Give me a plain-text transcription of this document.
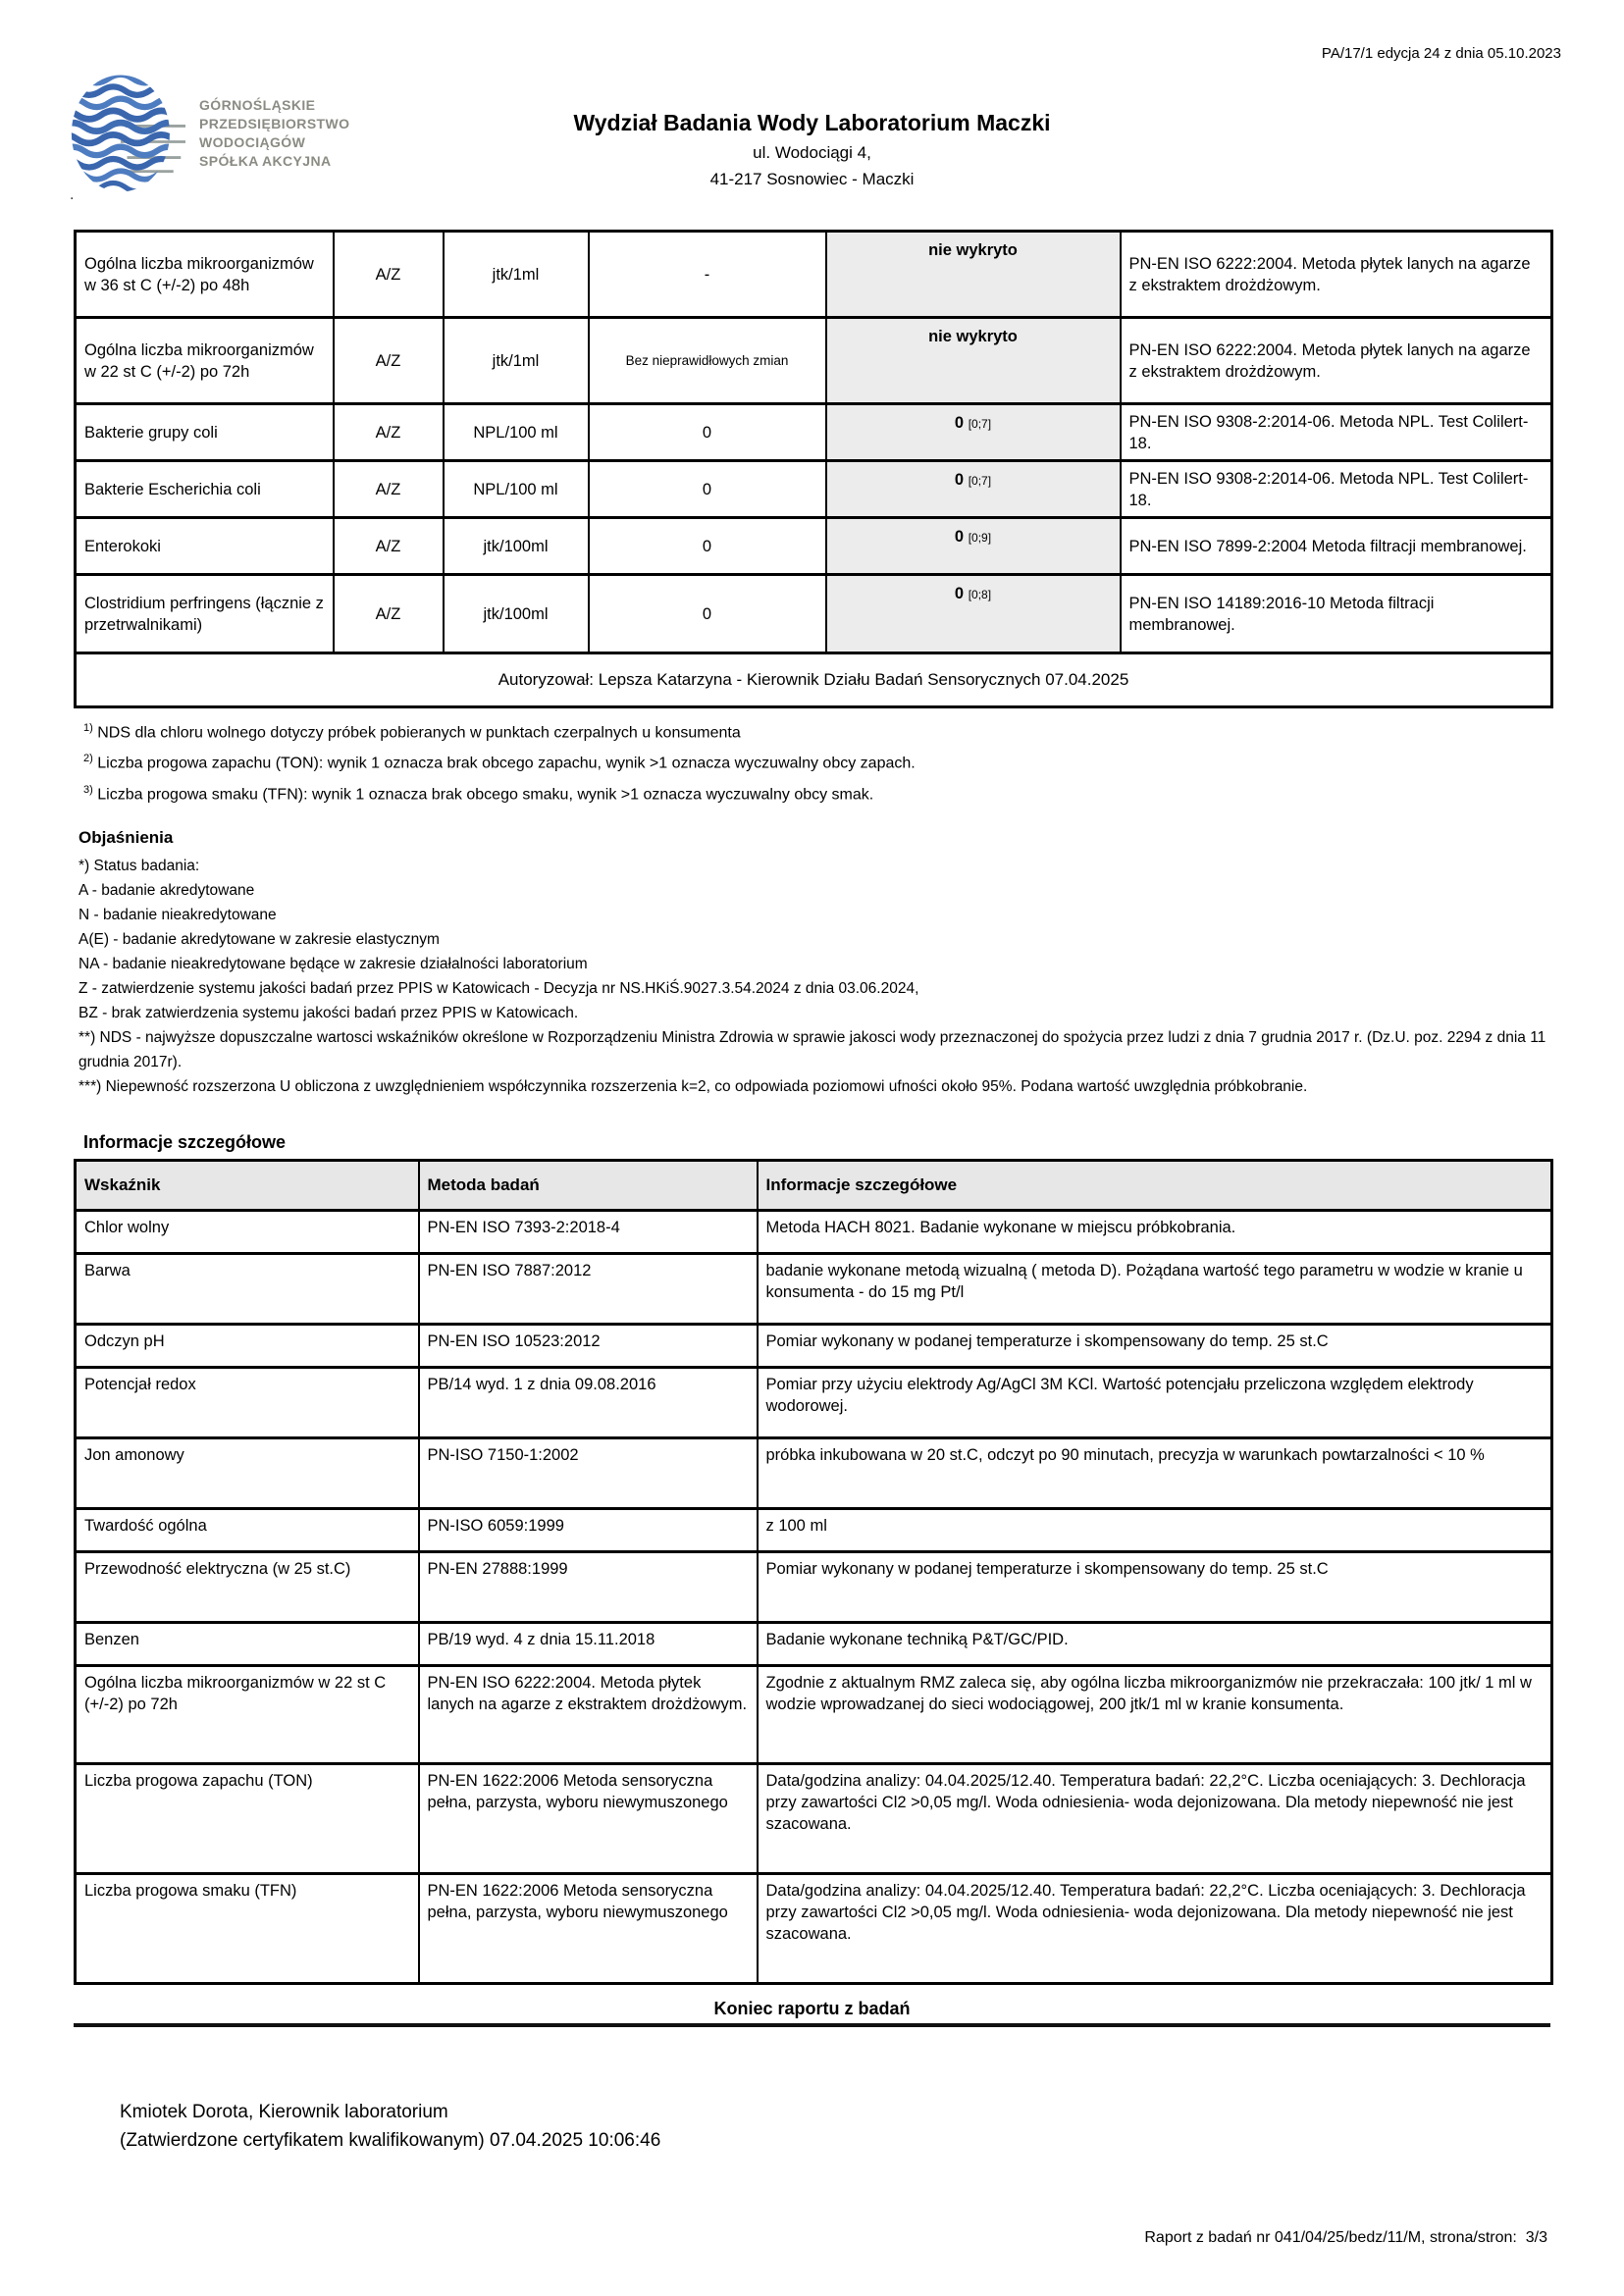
PA/17/1 edycja 24 z dnia 05.10.2023
GÓRNOŚLĄSKIE
PRZEDSIĘBIORSTWO
WODOCIĄGÓW
SPÓŁKA AKCYJNA
.
Wydział Badania Wody Laboratorium Maczki
ul. Wodociągi 4,
41-217 Sosnowiec - Maczki
Ogólna liczba mikroorganizmów w 36 st C (+/-2) po 48h	A/Z	jtk/1ml	-	nie wykryto	PN-EN ISO 6222:2004. Metoda płytek lanych na agarze z ekstraktem drożdżowym.
Ogólna liczba mikroorganizmów w 22 st C (+/-2) po 72h	A/Z	jtk/1ml	Bez nieprawidłowych zmian	nie wykryto	PN-EN ISO 6222:2004. Metoda płytek lanych na agarze z ekstraktem drożdżowym.
Bakterie grupy coli	A/Z	NPL/100 ml	0	0 [0;7]	PN-EN ISO 9308-2:2014-06. Metoda NPL. Test Colilert-18.
Bakterie Escherichia coli	A/Z	NPL/100 ml	0	0 [0;7]	PN-EN ISO 9308-2:2014-06. Metoda NPL. Test Colilert-18.
Enterokoki	A/Z	jtk/100ml	0	0 [0;9]	PN-EN ISO 7899-2:2004 Metoda filtracji membranowej.
Clostridium perfringens (łącznie z przetrwalnikami)	A/Z	jtk/100ml	0	0 [0;8]	PN-EN ISO 14189:2016-10 Metoda filtracji membranowej.
Autoryzował: Lepsza Katarzyna - Kierownik Działu Badań Sensorycznych 07.04.2025					
$^{1)}$ NDS dla chloru wolnego dotyczy próbek pobieranych w punktach czerpalnych u konsumenta
$^{2)}$ Liczba progowa zapachu (TON): wynik 1 oznacza brak obcego zapachu, wynik >1 oznacza wyczuwalny obcy zapach.
$^{3)}$ Liczba progowa smaku (TFN): wynik 1 oznacza brak obcego smaku, wynik >1 oznacza wyczuwalny obcy smak.
Objaśnienia
*) Status badania:
A - badanie akredytowane
N - badanie nieakredytowane
A(E) - badanie akredytowane w zakresie elastycznym
NA - badanie nieakredytowane będące w zakresie działalności laboratorium
Z - zatwierdzenie systemu jakości badań przez PPIS w Katowicach - Decyzja nr NS.HKiŚ.9027.3.54.2024 z dnia 03.06.2024,
BZ - brak zatwierdzenia systemu jakości badań przez PPIS w Katowicach.
**) NDS - najwyższe dopuszczalne wartosci wskaźników określone w Rozporządzeniu Ministra Zdrowia w sprawie jakosci wody przeznaczonej do spożycia przez ludzi z dnia 7 grudnia 2017 r. (Dz.U. poz. 2294 z dnia 11 grudnia 2017r).
***) Niepewność rozszerzona U obliczona z uwzględnieniem współczynnika rozszerzenia k=2, co odpowiada poziomowi ufności około 95%. Podana wartość uwzględnia próbkobranie.
Informacje szczegółowe
Wskaźnik	Metoda badań	Informacje szczegółowe
Chlor wolny	PN-EN ISO 7393-2:2018-4	Metoda HACH 8021. Badanie wykonane w miejscu próbkobrania.
Barwa	PN-EN ISO 7887:2012	badanie wykonane metodą wizualną ( metoda D). Pożądana wartość tego parametru w wodzie w kranie u konsumenta - do 15 mg Pt/l
Odczyn pH	PN-EN ISO 10523:2012	Pomiar wykonany w podanej temperaturze i skompensowany do temp. 25 st.C
Potencjał redox	PB/14 wyd. 1 z dnia 09.08.2016	Pomiar przy użyciu elektrody Ag/AgCl 3M KCl. Wartość potencjału przeliczona względem elektrody wodorowej.
Jon amonowy	PN-ISO 7150-1:2002	próbka inkubowana w 20 st.C, odczyt po 90 minutach, precyzja w warunkach powtarzalności < 10 %
Twardość ogólna	PN-ISO 6059:1999	z 100 ml
Przewodność elektryczna (w 25 st.C)	PN-EN 27888:1999	Pomiar wykonany w podanej temperaturze i skompensowany do temp. 25 st.C
Benzen	PB/19 wyd. 4 z dnia 15.11.2018	Badanie wykonane techniką P&T/GC/PID.
Ogólna liczba mikroorganizmów w 22 st C (+/-2) po 72h	PN-EN ISO 6222:2004. Metoda płytek lanych na agarze z ekstraktem drożdżowym.	Zgodnie z aktualnym RMZ zaleca się, aby ogólna liczba mikroorganizmów nie przekraczała: 100 jtk/ 1 ml w wodzie wprowadzanej do sieci wodociągowej, 200 jtk/1 ml w kranie konsumenta.
Liczba progowa zapachu (TON)	PN-EN 1622:2006 Metoda sensoryczna pełna, parzysta, wyboru niewymuszonego	Data/godzina analizy: 04.04.2025/12.40. Temperatura badań: 22,2°C. Liczba oceniających: 3. Dechloracja przy zawartości Cl2 >0,05 mg/l. Woda odniesienia- woda dejonizowana. Dla metody niepewność nie jest szacowana.
Liczba progowa smaku (TFN)	PN-EN 1622:2006 Metoda sensoryczna pełna, parzysta, wyboru niewymuszonego	Data/godzina analizy: 04.04.2025/12.40. Temperatura badań: 22,2°C. Liczba oceniających: 3. Dechloracja przy zawartości Cl2 >0,05 mg/l. Woda odniesienia- woda dejonizowana. Dla metody niepewność nie jest szacowana.
Koniec raportu z badań
Kmiotek Dorota, Kierownik laboratorium
(Zatwierdzone certyfikatem kwalifikowanym) 07.04.2025 10:06:46
Raport z badań nr 041/04/25/bedz/11/M, strona/stron:  3/3
